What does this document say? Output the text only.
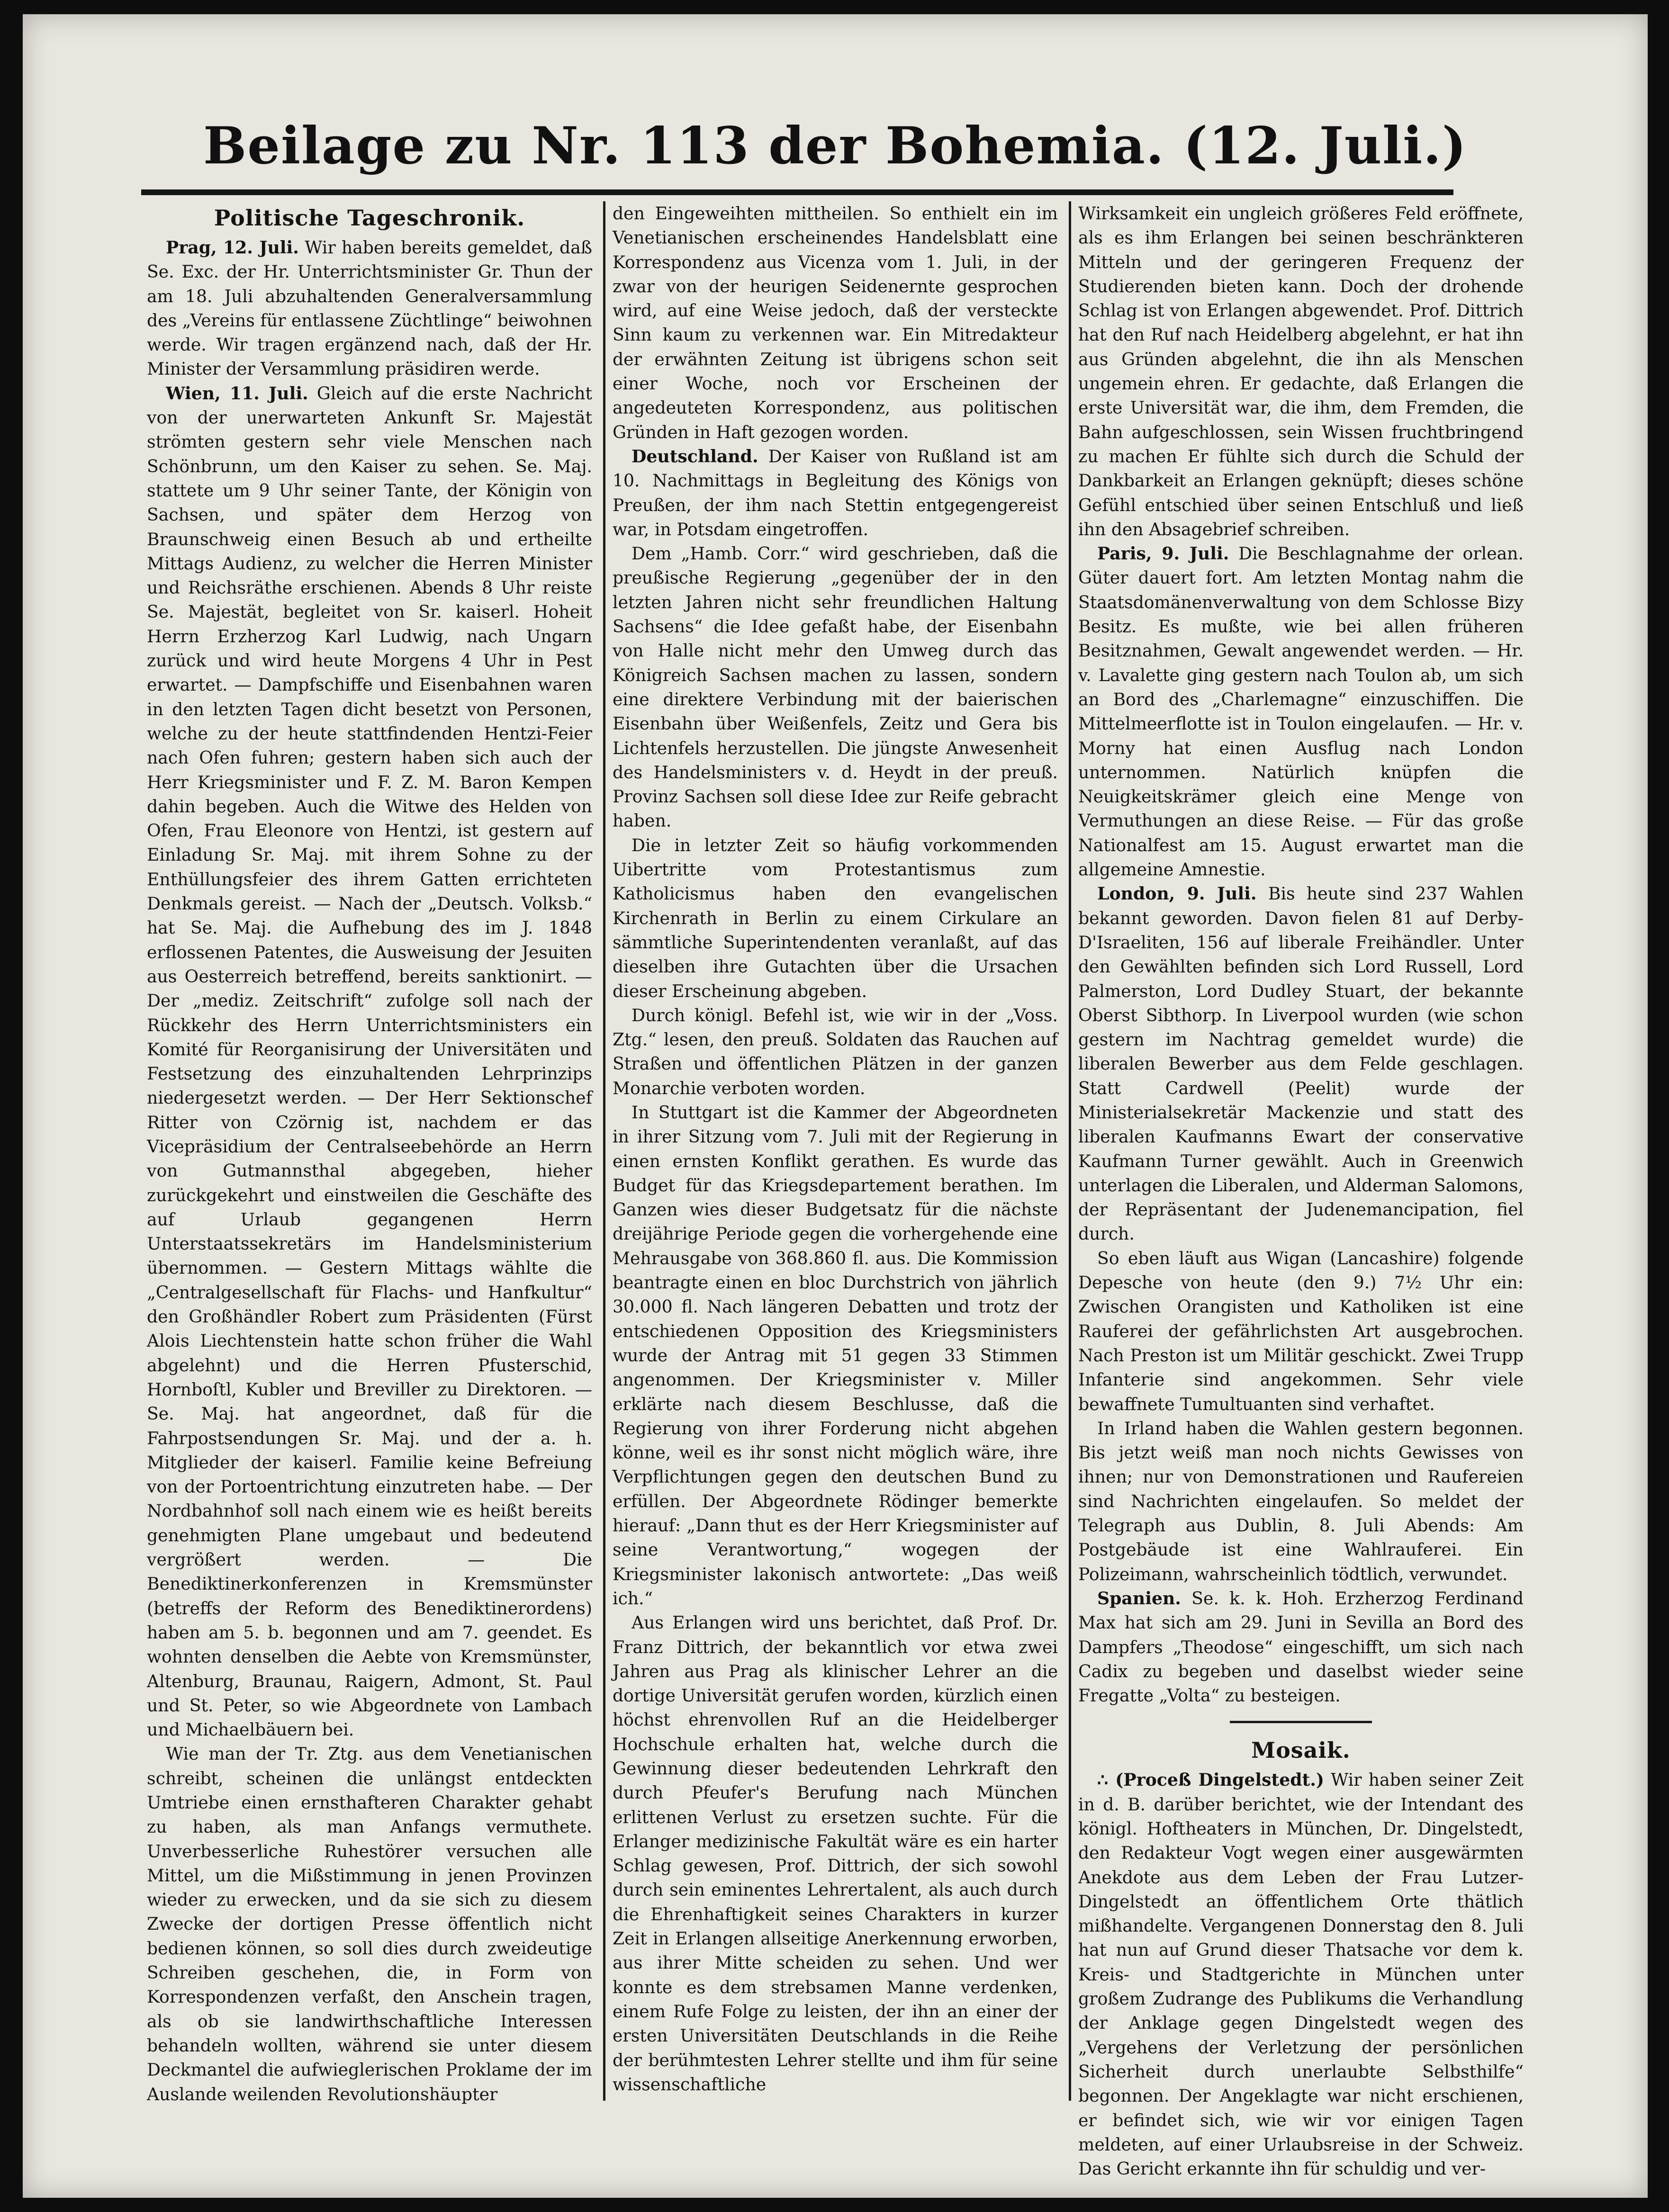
Beilage zu Nr. 113 der Bohemia. (12. Juli.)
Politische Tageschronik.

Prag, 12. Juli. Wir haben bereits gemeldet, daß Se. Exc. der Hr. Unterrichtsminister Gr. Thun der am 18. Juli abzuhaltenden Generalversammlung des „Vereins für entlassene Züchtlinge“ beiwohnen werde. Wir tragen ergänzend nach, daß der Hr. Minister der Versammlung präsidiren werde.

Wien, 11. Juli. Gleich auf die erste Nachricht von der unerwarteten Ankunft Sr. Majestät strömten gestern sehr viele Menschen nach Schönbrunn, um den Kaiser zu sehen. Se. Maj. stattete um 9 Uhr seiner Tante, der Königin von Sachsen, und später dem Herzog von Braunschweig einen Besuch ab und ertheilte Mittags Audienz, zu welcher die Herren Minister und Reichsräthe erschienen. Abends 8 Uhr reiste Se. Majestät, begleitet von Sr. kaiserl. Hoheit Herrn Erzherzog Karl Ludwig, nach Ungarn zurück und wird heute Morgens 4 Uhr in Pest erwartet. — Dampfschiffe und Eisenbahnen waren in den letzten Tagen dicht besetzt von Personen, welche zu der heute stattfindenden Hentzi-Feier nach Ofen fuhren; gestern haben sich auch der Herr Kriegsminister und F. Z. M. Baron Kempen dahin begeben. Auch die Witwe des Helden von Ofen, Frau Eleonore von Hentzi, ist gestern auf Einladung Sr. Maj. mit ihrem Sohne zu der Enthüllungsfeier des ihrem Gatten errichteten Denkmals gereist. — Nach der „Deutsch. Volksb.“ hat Se. Maj. die Aufhebung des im J. 1848 erflossenen Patentes, die Ausweisung der Jesuiten aus Oesterreich betreffend, bereits sanktionirt. — Der „mediz. Zeitschrift“ zufolge soll nach der Rückkehr des Herrn Unterrichtsministers ein Komité für Reorganisirung der Universitäten und Festsetzung des einzuhaltenden Lehrprinzips niedergesetzt werden. — Der Herr Sektionschef Ritter von Czörnig ist, nachdem er das Vicepräsidium der Centralseebehörde an Herrn von Gutmannsthal abgegeben, hieher zurückgekehrt und einstweilen die Geschäfte des auf Urlaub gegangenen Herrn Unterstaatssekretärs im Handelsministerium übernommen. — Gestern Mittags wählte die „Centralgesellschaft für Flachs- und Hanfkultur“ den Großhändler Robert zum Präsidenten (Fürst Alois Liechtenstein hatte schon früher die Wahl abgelehnt) und die Herren Pfusterschid, Hornboſtl, Kubler und Breviller zu Direktoren. — Se. Maj. hat angeordnet, daß für die Fahrpostsendungen Sr. Maj. und der a. h. Mitglieder der kaiserl. Familie keine Befreiung von der Portoentrichtung einzutreten habe. — Der Nordbahnhof soll nach einem wie es heißt bereits genehmigten Plane umgebaut und bedeutend vergrößert werden. — Die Benediktinerkonferenzen in Kremsmünster (betreffs der Reform des Benediktinerordens) haben am 5. b. begonnen und am 7. geendet. Es wohnten denselben die Aebte von Kremsmünster, Altenburg, Braunau, Raigern, Admont, St. Paul und St. Peter, so wie Abgeordnete von Lambach und Michaelbäuern bei.

Wie man der Tr. Ztg. aus dem Venetianischen schreibt, scheinen die unlängst entdeckten Umtriebe einen ernsthafteren Charakter gehabt zu haben, als man Anfangs vermuthete. Unverbesserliche Ruhestörer versuchen alle Mittel, um die Mißstimmung in jenen Provinzen wieder zu erwecken, und da sie sich zu diesem Zwecke der dortigen Presse öffentlich nicht bedienen können, so soll dies durch zweideutige Schreiben geschehen, die, in Form von Korrespondenzen verfaßt, den Anschein tragen, als ob sie landwirthschaftliche Interessen behandeln wollten, während sie unter diesem Deckmantel die aufwieglerischen Proklame der im Auslande weilenden Revolutionshäupter

den Eingeweihten mittheilen. So enthielt ein im Venetianischen erscheinendes Handelsblatt eine Korrespondenz aus Vicenza vom 1. Juli, in der zwar von der heurigen Seidenernte gesprochen wird, auf eine Weise jedoch, daß der versteckte Sinn kaum zu verkennen war. Ein Mitredakteur der erwähnten Zeitung ist übrigens schon seit einer Woche, noch vor Erscheinen der angedeuteten Korrespondenz, aus politischen Gründen in Haft gezogen worden.

Deutschland. Der Kaiser von Rußland ist am 10. Nachmittags in Begleitung des Königs von Preußen, der ihm nach Stettin entgegengereist war, in Potsdam eingetroffen.

Dem „Hamb. Corr.“ wird geschrieben, daß die preußische Regierung „gegenüber der in den letzten Jahren nicht sehr freundlichen Haltung Sachsens“ die Idee gefaßt habe, der Eisenbahn von Halle nicht mehr den Umweg durch das Königreich Sachsen machen zu lassen, sondern eine direktere Verbindung mit der baierischen Eisenbahn über Weißenfels, Zeitz und Gera bis Lichtenfels herzustellen. Die jüngste Anwesenheit des Handelsministers v. d. Heydt in der preuß. Provinz Sachsen soll diese Idee zur Reife gebracht haben.

Die in letzter Zeit so häufig vorkommenden Uibertritte vom Protestantismus zum Katholicismus haben den evangelischen Kirchenrath in Berlin zu einem Cirkulare an sämmtliche Superintendenten veranlaßt, auf das dieselben ihre Gutachten über die Ursachen dieser Erscheinung abgeben.

Durch königl. Befehl ist, wie wir in der „Voss. Ztg.“ lesen, den preuß. Soldaten das Rauchen auf Straßen und öffentlichen Plätzen in der ganzen Monarchie verboten worden.

In Stuttgart ist die Kammer der Abgeordneten in ihrer Sitzung vom 7. Juli mit der Regierung in einen ernsten Konflikt gerathen. Es wurde das Budget für das Kriegsdepartement berathen. Im Ganzen wies dieser Budgetsatz für die nächste dreijährige Periode gegen die vorhergehende eine Mehrausgabe von 368.860 fl. aus. Die Kommission beantragte einen en bloc Durchstrich von jährlich 30.000 fl. Nach längeren Debatten und trotz der entschiedenen Opposition des Kriegsministers wurde der Antrag mit 51 gegen 33 Stimmen angenommen. Der Kriegsminister v. Miller erklärte nach diesem Beschlusse, daß die Regierung von ihrer Forderung nicht abgehen könne, weil es ihr sonst nicht möglich wäre, ihre Verpflichtungen gegen den deutschen Bund zu erfüllen. Der Abgeordnete Rödinger bemerkte hierauf: „Dann thut es der Herr Kriegsminister auf seine Verantwortung,“ wogegen der Kriegsminister lakonisch antwortete: „Das weiß ich.“

Aus Erlangen wird uns berichtet, daß Prof. Dr. Franz Dittrich, der bekanntlich vor etwa zwei Jahren aus Prag als klinischer Lehrer an die dortige Universität gerufen worden, kürzlich einen höchst ehrenvollen Ruf an die Heidelberger Hochschule erhalten hat, welche durch die Gewinnung dieser bedeutenden Lehrkraft den durch Pfeufer's Berufung nach München erlittenen Verlust zu ersetzen suchte. Für die Erlanger medizinische Fakultät wäre es ein harter Schlag gewesen, Prof. Dittrich, der sich sowohl durch sein eminentes Lehrertalent, als auch durch die Ehrenhaftigkeit seines Charakters in kurzer Zeit in Erlangen allseitige Anerkennung erworben, aus ihrer Mitte scheiden zu sehen. Und wer konnte es dem strebsamen Manne verdenken, einem Rufe Folge zu leisten, der ihn an einer der ersten Universitäten Deutschlands in die Reihe der berühmtesten Lehrer stellte und ihm für seine wissenschaftliche

Wirksamkeit ein ungleich größeres Feld eröffnete, als es ihm Erlangen bei seinen beschränkteren Mitteln und der geringeren Frequenz der Studierenden bieten kann. Doch der drohende Schlag ist von Erlangen abgewendet. Prof. Dittrich hat den Ruf nach Heidelberg abgelehnt, er hat ihn aus Gründen abgelehnt, die ihn als Menschen ungemein ehren. Er gedachte, daß Erlangen die erste Universität war, die ihm, dem Fremden, die Bahn aufgeschlossen, sein Wissen fruchtbringend zu machen Er fühlte sich durch die Schuld der Dankbarkeit an Erlangen geknüpft; dieses schöne Gefühl entschied über seinen Entschluß und ließ ihn den Absagebrief schreiben.

Paris, 9. Juli. Die Beschlagnahme der orlean. Güter dauert fort. Am letzten Montag nahm die Staatsdomänenverwaltung von dem Schlosse Bizy Besitz. Es mußte, wie bei allen früheren Besitznahmen, Gewalt angewendet werden. — Hr. v. Lavalette ging gestern nach Toulon ab, um sich an Bord des „Charlemagne“ einzuschiffen. Die Mittelmeerflotte ist in Toulon eingelaufen. — Hr. v. Morny hat einen Ausflug nach London unternommen. Natürlich knüpfen die Neuigkeitskrämer gleich eine Menge von Vermuthungen an diese Reise. — Für das große Nationalfest am 15. August erwartet man die allgemeine Amnestie.

London, 9. Juli. Bis heute sind 237 Wahlen bekannt geworden. Davon fielen 81 auf Derby-D'Israeliten, 156 auf liberale Freihändler. Unter den Gewählten befinden sich Lord Russell, Lord Palmerston, Lord Dudley Stuart, der bekannte Oberst Sibthorp. In Liverpool wurden (wie schon gestern im Nachtrag gemeldet wurde) die liberalen Bewerber aus dem Felde geschlagen. Statt Cardwell (Peelit) wurde der Ministerialsekretär Mackenzie und statt des liberalen Kaufmanns Ewart der conservative Kaufmann Turner gewählt. Auch in Greenwich unterlagen die Liberalen, und Alderman Salomons, der Repräsentant der Judenemancipation, fiel durch.

So eben läuft aus Wigan (Lancashire) folgende Depesche von heute (den 9.) 7½ Uhr ein: Zwischen Orangisten und Katholiken ist eine Rauferei der gefährlichsten Art ausgebrochen. Nach Preston ist um Militär geschickt. Zwei Trupp Infanterie sind angekommen. Sehr viele bewaffnete Tumultuanten sind verhaftet.

In Irland haben die Wahlen gestern begonnen. Bis jetzt weiß man noch nichts Gewisses von ihnen; nur von Demonstrationen und Raufereien sind Nachrichten eingelaufen. So meldet der Telegraph aus Dublin, 8. Juli Abends: Am Postgebäude ist eine Wahlrauferei. Ein Polizeimann, wahrscheinlich tödtlich, verwundet.

Spanien. Se. k. k. Hoh. Erzherzog Ferdinand Max hat sich am 29. Juni in Sevilla an Bord des Dampfers „Theodose“ eingeschifft, um sich nach Cadix zu begeben und daselbst wieder seine Fregatte „Volta“ zu besteigen.

Mosaik.

∴ (Proceß Dingelstedt.) Wir haben seiner Zeit in d. B. darüber berichtet, wie der Intendant des königl. Hoftheaters in München, Dr. Dingelstedt, den Redakteur Vogt wegen einer ausgewärmten Anekdote aus dem Leben der Frau Lutzer-Dingelstedt an öffentlichem Orte thätlich mißhandelte. Vergangenen Donnerstag den 8. Juli hat nun auf Grund dieser Thatsache vor dem k. Kreis- und Stadtgerichte in München unter großem Zudrange des Publikums die Verhandlung der Anklage gegen Dingelstedt wegen des „Vergehens der Verletzung der persönlichen Sicherheit durch unerlaubte Selbsthilfe“ begonnen. Der Angeklagte war nicht erschienen, er befindet sich, wie wir vor einigen Tagen meldeten, auf einer Urlaubsreise in der Schweiz. Das Gericht erkannte ihn für schuldig und ver-
